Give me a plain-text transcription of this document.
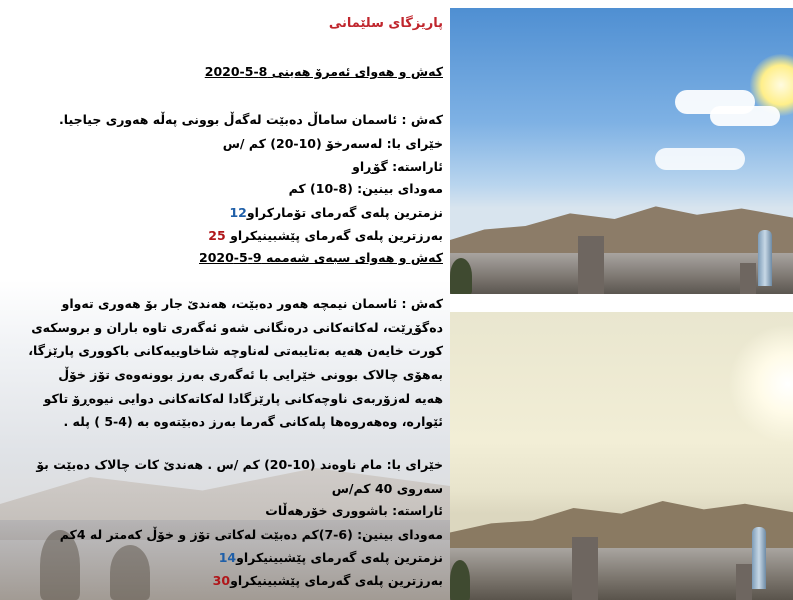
پاریزگای سلێمانی
کەش و هەوای ئەمرۆ هەینی 8-5-2020
کەش : ئاسمان ساماڵ دەبێت لەگەڵ بوونی پەڵە هەوری جیاجیا.
خێرای با: لەسەرخۆ (10-20) کم /س
ئاراستە: گۆڕاو
مەودای بینین: (8-10) کم
نزمترین پلەی گەرمای تۆمارکراو12
بەرزترین پلەی گەرمای پێشبینیکراو 25
کەش و هەوای سبەی شەممە 9-5-2020
کەش : ئاسمان نیمچە هەور دەبێت، هەندێ جار بۆ هەوری تەواو
دەگۆڕێت، لەکاتەکانی درەنگانی شەو ئەگەری تاوە باران و بروسکەی
کورت خایەن هەیە بەتایبەتی لەناوچە شاخاوییەکانی باکووری پارێزگا،
بەهۆی چالاک بوونی خێرایی با ئەگەری بەرز بوونەوەی تۆز خۆڵ
هەیە لەزۆربەی ناوچەکانی پارێزگادا لەکاتەکانی دوایی نیوەڕۆ تاکو
ئێوارە، وەهەروەها پلەکانی گەرما بەرز دەبێتەوە بە (4-5 ) پلە .
خێرای با: مام ناوەند (10-20) کم /س . هەندێ کات چالاک دەبێت بۆ
سەروی 40 کم/س
ئاراستە: باشووری خۆرهەڵات
مەودای بینین: (6-7)کم دەبێت لەکاتی تۆز و خۆڵ کەمتر لە 4کم
نزمترین پلەی گەرمای پێشبینیکراو14
بەرزترین پلەی گەرمای پێشبینیکراو30
